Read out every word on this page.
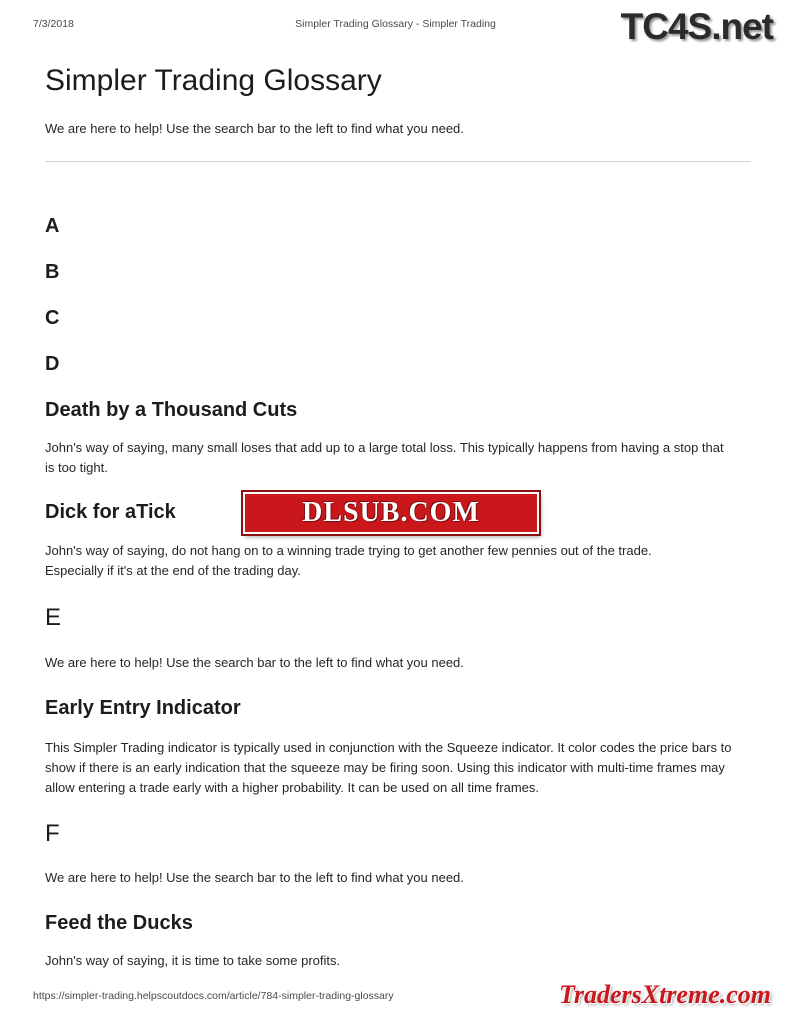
7/3/2018	Simpler Trading Glossary - Simpler Trading	TC4S.net
Simpler Trading Glossary

We are here to help! Use the search bar to the left to find what you need.

A
B
C
D
Death by a Thousand Cuts

John's way of saying, many small loses that add up to a large total loss. This typically happens from having a stop that is too tight.

Dick for aTick

John's way of saying, do not hang on to a winning trade trying to get another few pennies out of the trade. Especially if it's at the end of the trading day.

DLSUB.COM
E

We are here to help! Use the search bar to the left to find what you need.

Early Entry Indicator

This Simpler Trading indicator is typically used in conjunction with the Squeeze indicator. It color codes the price bars to show if there is an early indication that the squeeze may be firing soon. Using this indicator with multi-time frames may allow entering a trade early with a higher probability. It can be used on all time frames.

F

We are here to help! Use the search bar to the left to find what you need.

Feed the Ducks

John's way of saying, it is time to take some profits.

https://simpler-trading.helpscoutdocs.com/article/784-simpler-trading-glossary	TradersXtreme.com
